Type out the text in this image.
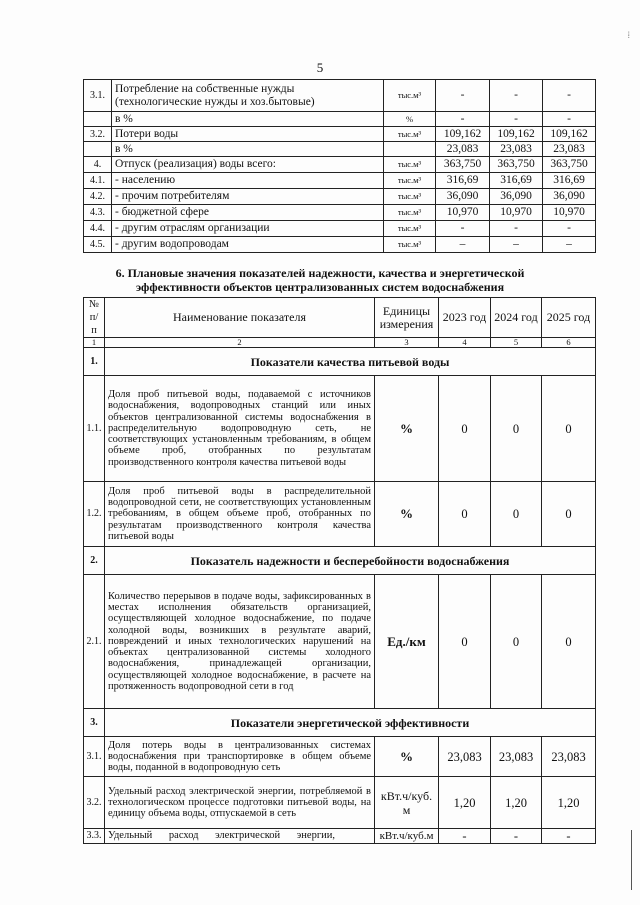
5
⁞
3.1.	Потребление на собственные нужды (технологические нужды и хоз.бытовые)	тыс.м³	-	-	-
	в %	%	-	-	-
3.2.	Потери воды	тыс.м³	109,162	109,162	109,162
	в %		23,083	23,083	23,083
4.	Отпуск (реализация) воды всего:	тыс.м³	363,750	363,750	363,750
4.1.	- населению	тыс.м³	316,69	316,69	316,69
4.2.	- прочим потребителям	тыс.м³	36,090	36,090	36,090
4.3.	- бюджетной сфере	тыс.м³	10,970	10,970	10,970
4.4.	- другим отраслям организации	тыс.м³	-	-	-
4.5.	- другим водопроводам	тыс.м³	–	–	–
6. Плановые значения показателей надежности, качества и энергетической
эффективности объектов централизованных систем водоснабжения
№ п/п	Наименование показателя	Единицы измерения	2023 год	2024 год	2025 год
1	2	3	4	5	6
1.	Показатели качества питьевой воды				
1.1.	Доля проб питьевой воды, подаваемой с источников водоснабжения, водопроводных станций или иных объектов централизованной системы водоснабжения в распределительную водопроводную сеть, не соответствующих установленным требованиям, в общем объеме проб, отобранных по результатам производственного контроля качества питьевой воды	%	0	0	0
1.2.	Доля проб питьевой воды в распределительной водопроводной сети, не соответствующих установленным требованиям, в общем объеме проб, отобранных по результатам производственного контроля качества питьевой воды	%	0	0	0
2.	Показатель надежности и бесперебойности водоснабжения				
2.1.	Количество перерывов в подаче воды, зафиксированных в местах исполнения обязательств организацией, осуществляющей холодное водоснабжение, по подаче холодной воды, возникших в результате аварий, повреждений и иных технологических нарушений на объектах централизованной системы холодного водоснабжения, принадлежащей организации, осуществляющей холодное водоснабжение, в расчете на протяженность водопроводной сети в год	Ед./км	0	0	0
3.	Показатели энергетической эффективности				
3.1.	Доля потерь воды в централизованных системах водоснабжения при транспортировке в общем объеме воды, поданной в водопроводную сеть	%	23,083	23,083	23,083
3.2.	Удельный расход электрической энергии, потребляемой в технологическом процессе подготовки питьевой воды, на единицу объема воды, отпускаемой в сеть	кВт.ч/куб. м	1,20	1,20	1,20
3.3.	Удельный расход электрической энергии,	кВт.ч/куб.м	-	-	-
